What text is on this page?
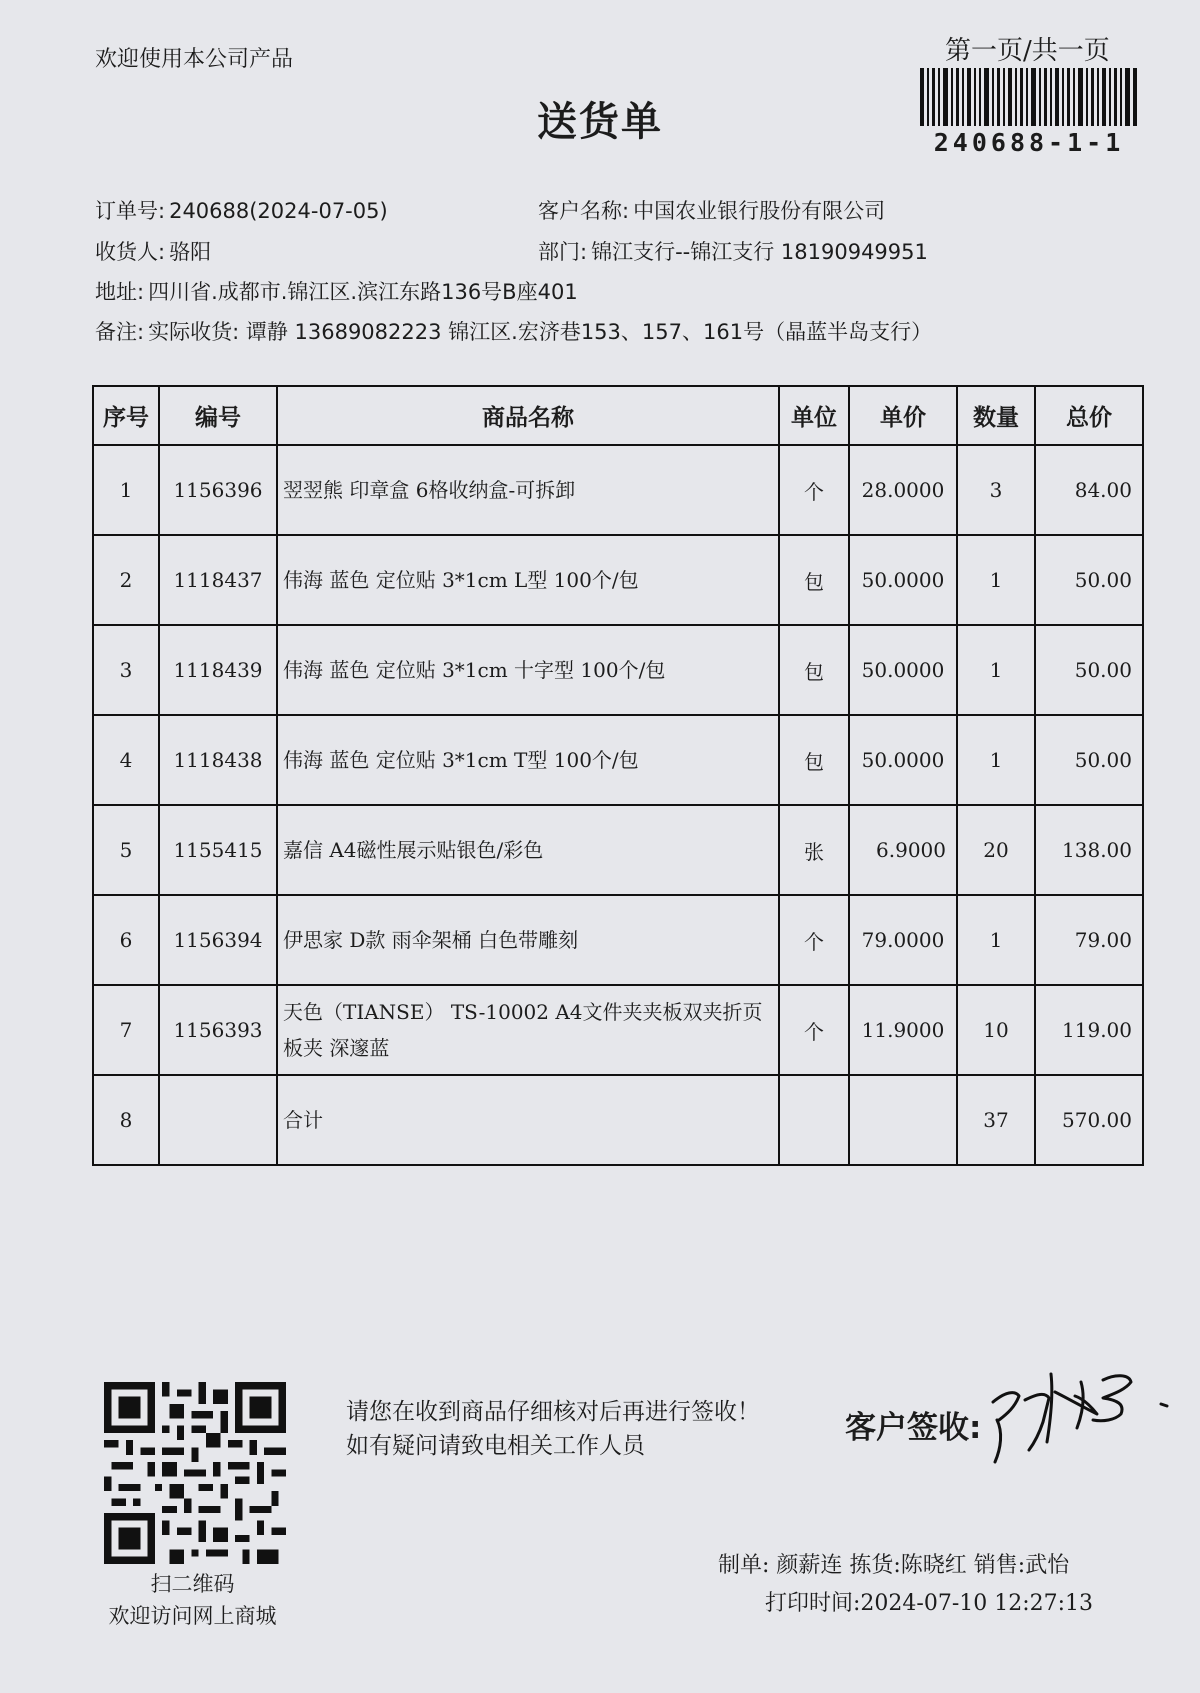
欢迎使用本公司产品	第一页/共一页
送货单	240688-1-1
订单号: 240688(2024-07-05)	客户名称: 中国农业银行股份有限公司
收货人: 骆阳	部门: 锦江支行--锦江支行 18190949951
地址: 四川省.成都市.锦江区.滨江东路136号B座401
备注: 实际收货: 谭静 13689082223 锦江区.宏济巷153、157、161号（晶蓝半岛支行）
序号	编号	商品名称	单位	单价	数量	总价
1	1156396	翌翌熊 印章盒 6格收纳盒-可拆卸	个	28.0000	3	84.00
2	1118437	伟海 蓝色 定位贴 3*1cm L型 100个/包	包	50.0000	1	50.00
3	1118439	伟海 蓝色 定位贴 3*1cm 十字型 100个/包	包	50.0000	1	50.00
4	1118438	伟海 蓝色 定位贴 3*1cm T型 100个/包	包	50.0000	1	50.00
5	1155415	嘉信 A4磁性展示贴银色/彩色	张	6.9000	20	138.00
6	1156394	伊思家 D款 雨伞架桶 白色带雕刻	个	79.0000	1	79.00
7	1156393	天色（TIANSE） TS-10002 A4文件夹夹板双夹折页板夹 深邃蓝	个	11.9000	10	119.00
8		合计			37	570.00
扫二维码
欢迎访问网上商城
请您在收到商品仔细核对后再进行签收！如有疑问请致电相关工作人员	客户签收:
制单: 颜薪连 拣货:陈晓红 销售:武怡
打印时间:2024-07-10 12:27:13
